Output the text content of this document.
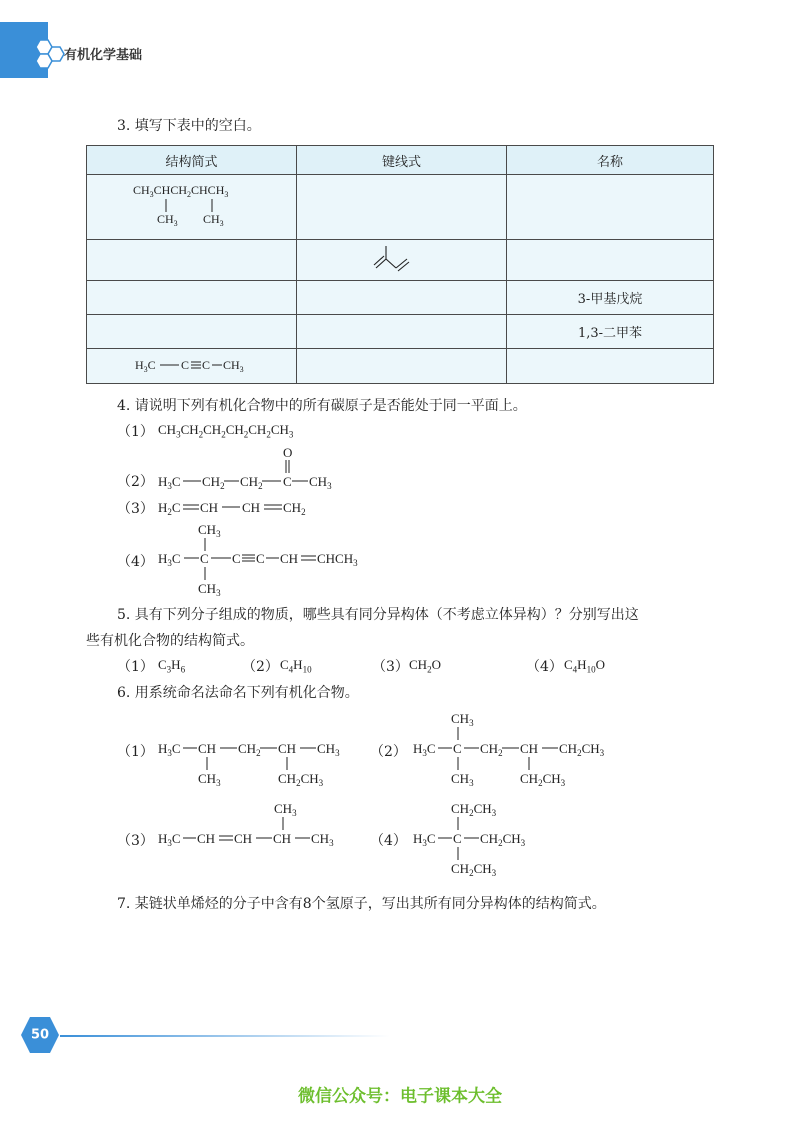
有机化学基础
3. 填写下表中的空白。
结构简式	键线式	名称

$CH_3CHCH_2CHCH_3$
$CH_3$ $CH_3$

		3-甲基戊烷
		1,3-二甲苯

$H_3C$ C C $CH_3$

4. 请说明下列有机化合物中的所有碳原子是否能处于同一平面上。
（1） $CH_3CH_2CH_2CH_2CH_2CH_3$
（2） $H_3C$ $CH_2$ $CH_2$ C
O
$CH_3$
（3） $H_2C$ CH CH $CH_2$
（4）
$CH_3$
$H_3C$ C C C CH $CHCH_3$
$CH_3$
5. 具有下列分子组成的物质，哪些具有同分异构体（不考虑立体异构）？分别写出这
些有机化合物的结构简式。
（1） $C_3H_6$	（2） $C_4H_{10}$	（3） $CH_2O$	（4） $C_4H_{10}O$
6. 用系统命名法命名下列有机化合物。
（1） $H_3C$ CH $CH_2$ CH $CH_3$
$CH_3$	$CH_2CH_3$
（2）
$CH_3$
$H_3C$ C $CH_2$ CH $CH_2CH_3$
$CH_3$	$CH_2CH_3$
（3）
$CH_3$
$H_3C$ CH CH CH $CH_3$	（4）
$CH_2CH_3$
$H_3C$ C $CH_2CH_3$
$CH_2CH_3$
7. 某链状单烯烃的分子中含有8个氢原子，写出其所有同分异构体的结构简式。
50
微信公众号：电子课本大全
